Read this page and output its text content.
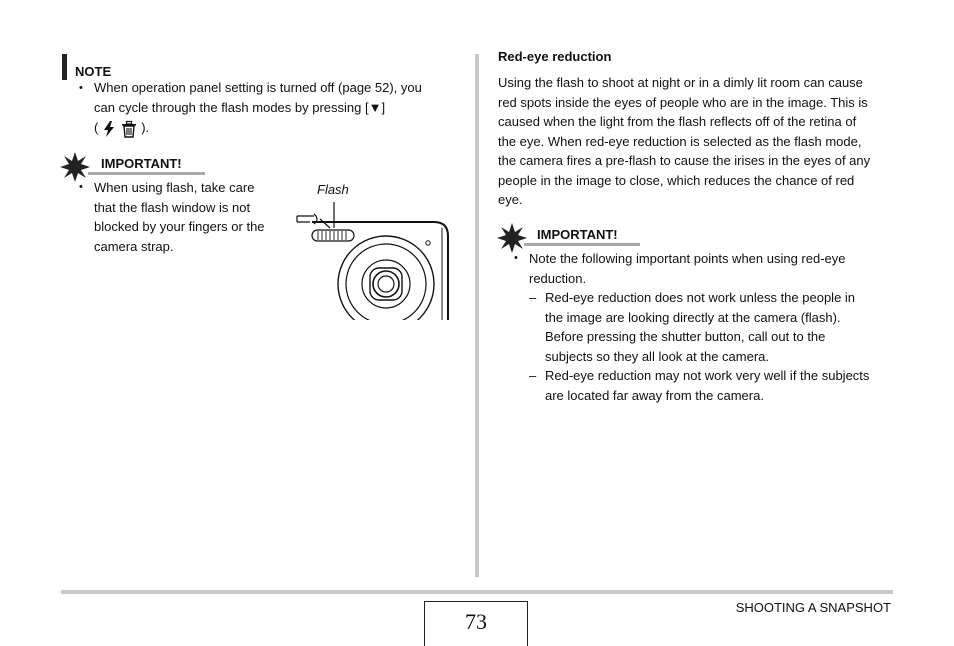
NOTE
• When operation panel setting is turned off (page 52), you
can cycle through the flash modes by pressing [▼]
(	).
IMPORTANT!
• When using flash, take care
that the flash window is not
blocked by your fingers or the
camera strap.
Flash
Red-eye reduction
Using the flash to shoot at night or in a dimly lit room can cause
red spots inside the eyes of people who are in the image. This is
caused when the light from the flash reflects off of the retina of
the eye. When red-eye reduction is selected as the flash mode,
the camera fires a pre-flash to cause the irises in the eyes of any
people in the image to close, which reduces the chance of red
eye.
IMPORTANT!
• Note the following important points when using red-eye
reduction.
– Red-eye reduction does not work unless the people in
the image are looking directly at the camera (flash).
Before pressing the shutter button, call out to the
subjects so they all look at the camera.
– Red-eye reduction may not work very well if the subjects
are located far away from the camera.
73
SHOOTING A SNAPSHOT
